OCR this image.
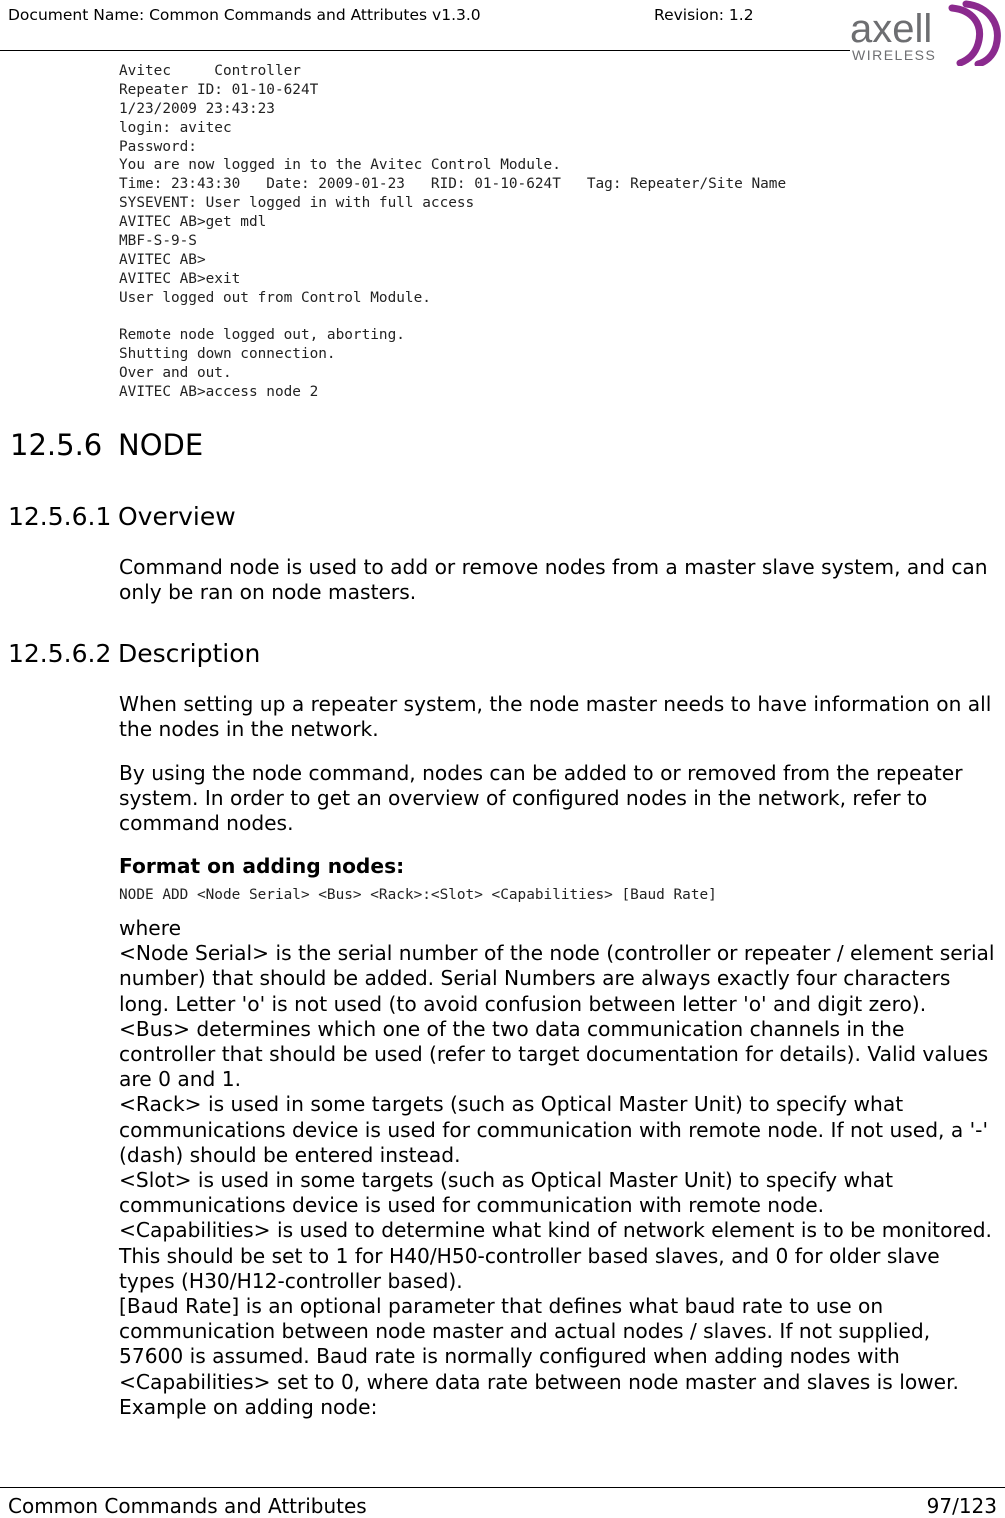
Document Name: Common Commands and Attributes v1.3.0	Revision: 1.2 axell
WIRELESS
Avitec     Controller
Repeater ID: 01-10-624T
1/23/2009 23:43:23
login: avitec
Password:
You are now logged in to the Avitec Control Module.
Time: 23:43:30   Date: 2009-01-23   RID: 01-10-624T   Tag: Repeater/Site Name
SYSEVENT: User logged in with full access
AVITEC AB>get mdl
MBF-S-9-S
AVITEC AB>
AVITEC AB>exit
User logged out from Control Module.
Remote node logged out, aborting.
Shutting down connection.
Over and out.
AVITEC AB>access node 2
12.5.6 NODE
12.5.6.1 Overview

Command node is used to add or remove nodes from a master slave system, and can only be ran on node masters.

12.5.6.2 Description

When setting up a repeater system, the node master needs to have information on all the nodes in the network.

By using the node command, nodes can be added to or removed from the repeater system. In order to get an overview of configured nodes in the network, refer to command nodes.

Format on adding nodes:

NODE ADD <Node Serial> <Bus> <Rack>:<Slot> <Capabilities> [Baud Rate]
where
<Node Serial> is the serial number of the node (controller or repeater / element serial number) that should be added. Serial Numbers are always exactly four characters long. Letter 'o' is not used (to avoid confusion between letter 'o' and digit zero).
<Bus> determines which one of the two data communication channels in the controller that should be used (refer to target documentation for details). Valid values are 0 and 1.
<Rack> is used in some targets (such as Optical Master Unit) to specify what communications device is used for communication with remote node. If not used, a '-' (dash) should be entered instead.
<Slot> is used in some targets (such as Optical Master Unit) to specify what communications device is used for communication with remote node.
<Capabilities> is used to determine what kind of network element is to be monitored. This should be set to 1 for H40/H50-controller based slaves, and 0 for older slave types (H30/H12-controller based).
[Baud Rate] is an optional parameter that defines what baud rate to use on communication between node master and actual nodes / slaves. If not supplied, 57600 is assumed. Baud rate is normally configured when adding nodes with <Capabilities> set to 0, where data rate between node master and slaves is lower.
Example on adding node:
Common Commands and Attributes	97/123
